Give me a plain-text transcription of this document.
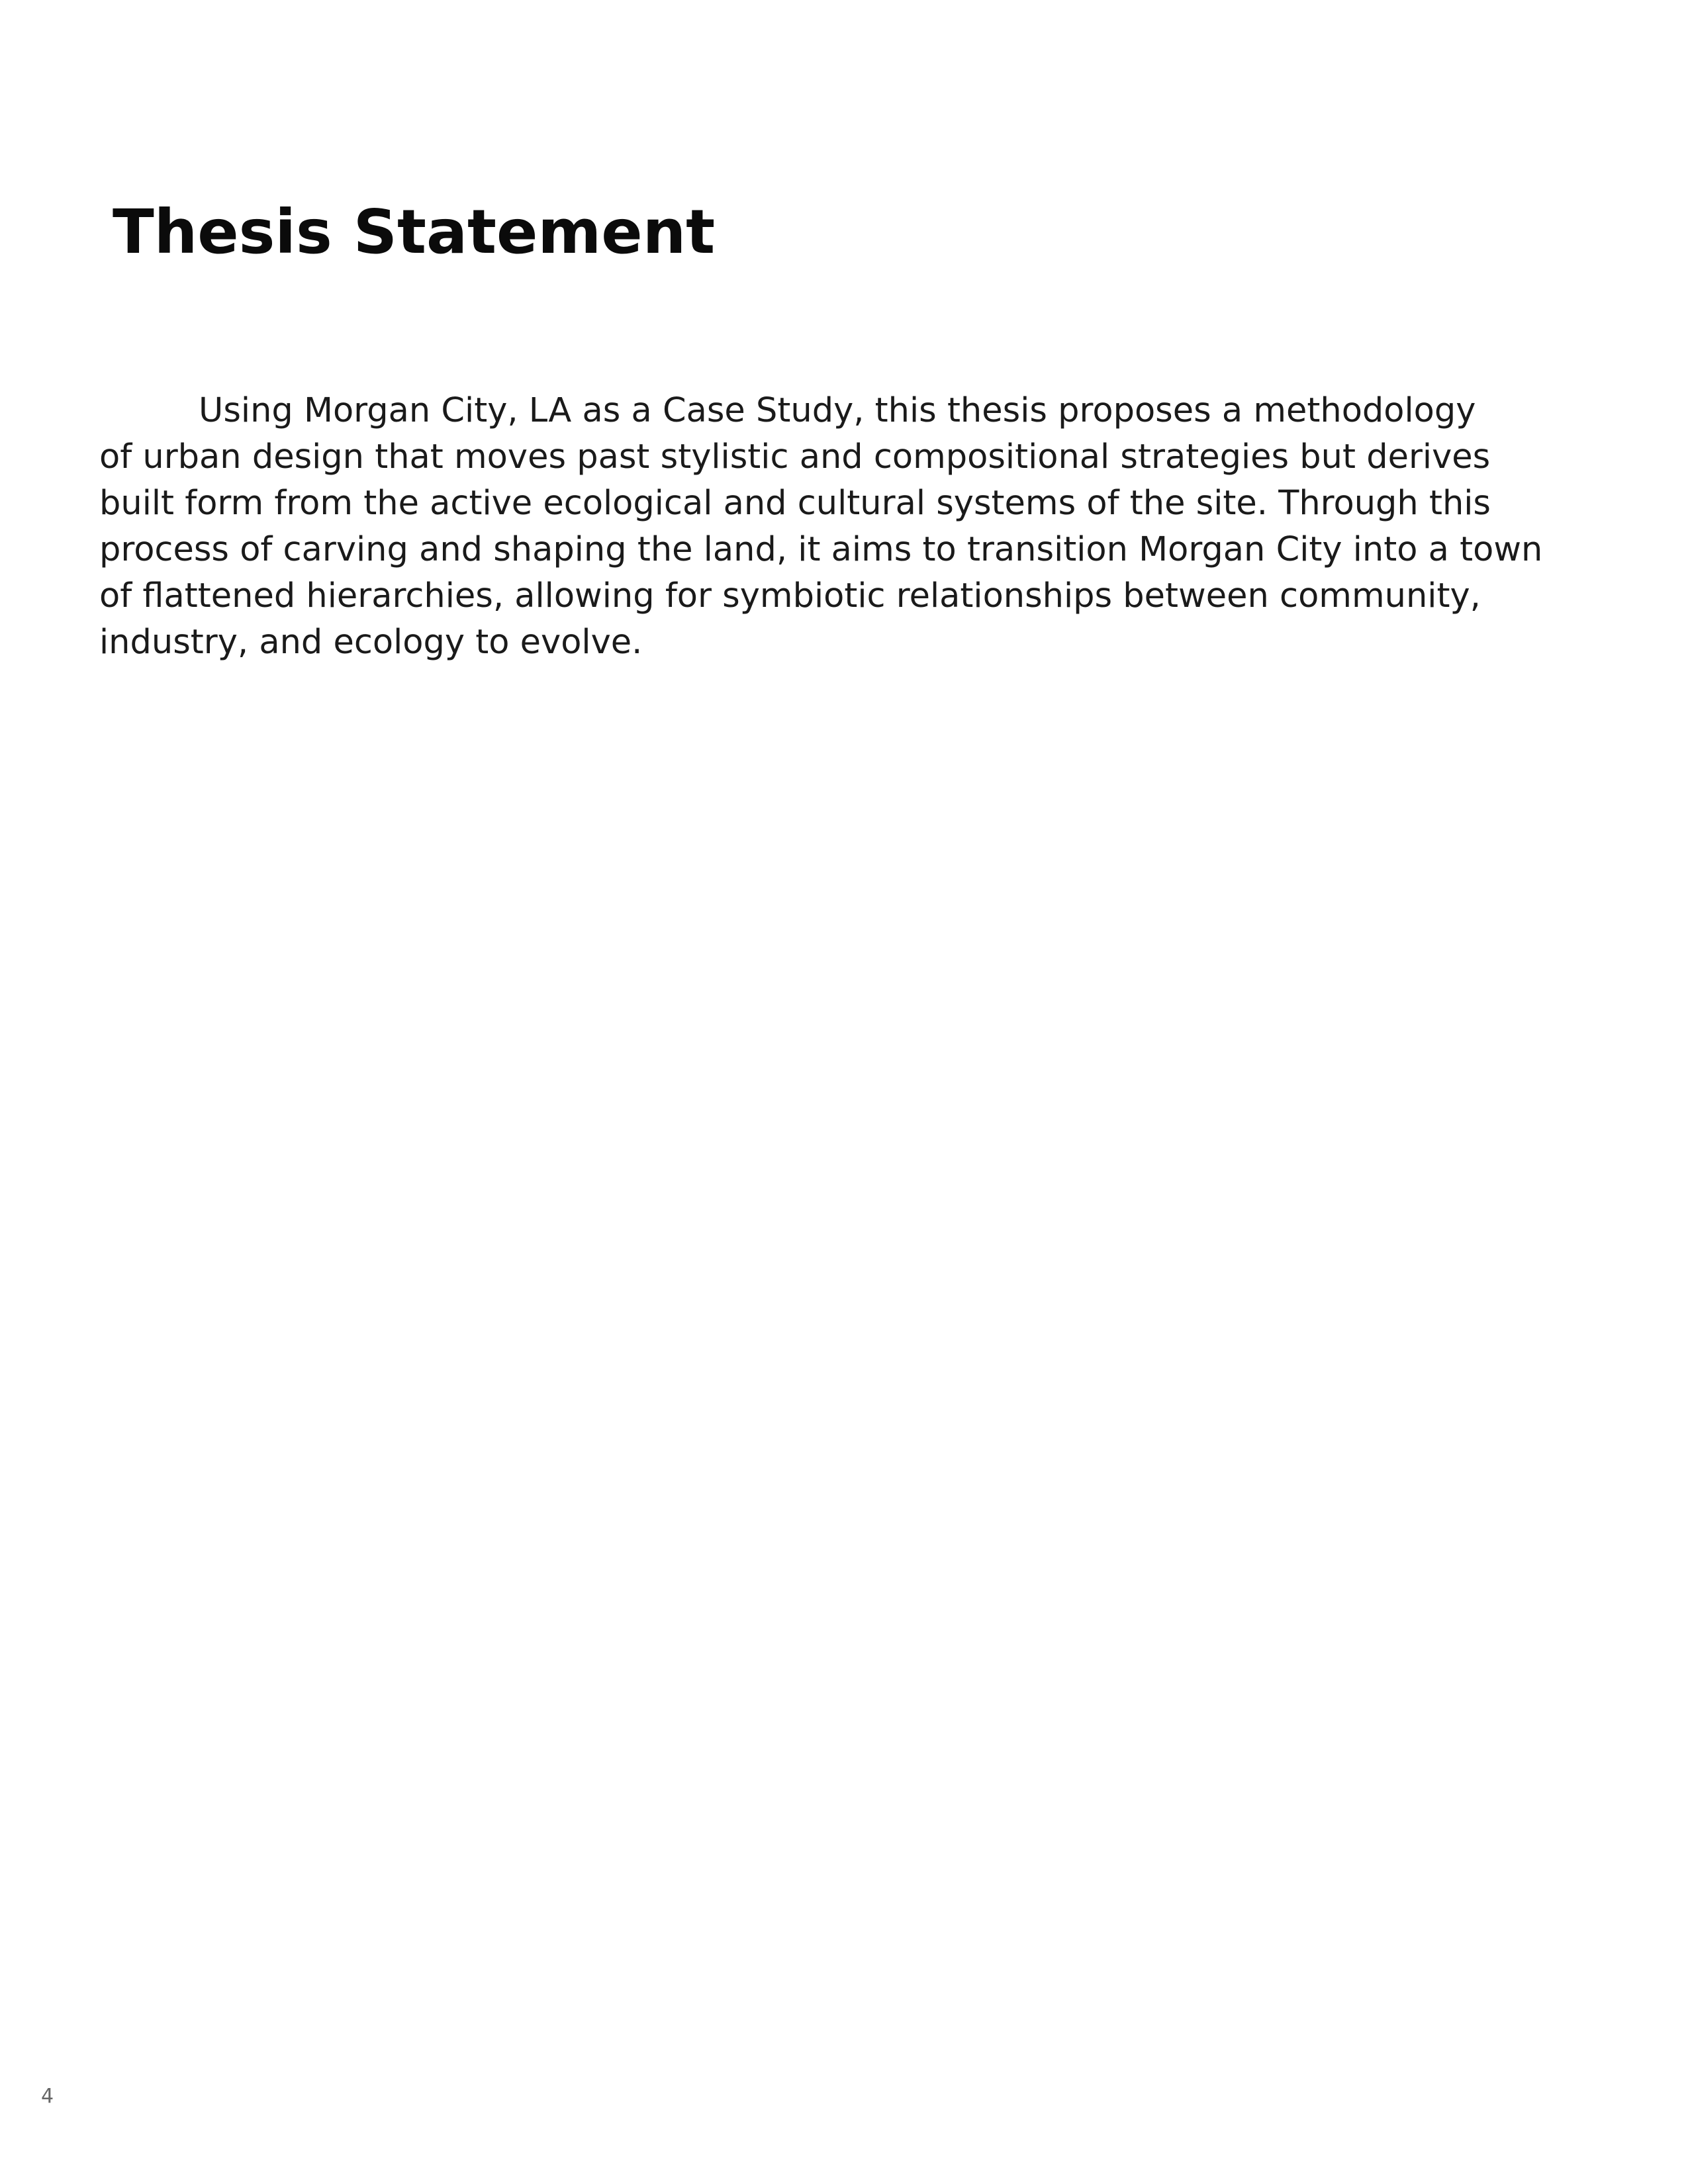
Thesis Statement

Using Morgan City, LA as a Case Study, this thesis proposes a methodology
of urban design that moves past stylistic and compositional strategies but derives
built form from the active ecological and cultural systems of the site. Through this
process of carving and shaping the land, it aims to transition Morgan City into a town
of flattened hierarchies, allowing for symbiotic relationships between community,
industry, and ecology to evolve.

4
